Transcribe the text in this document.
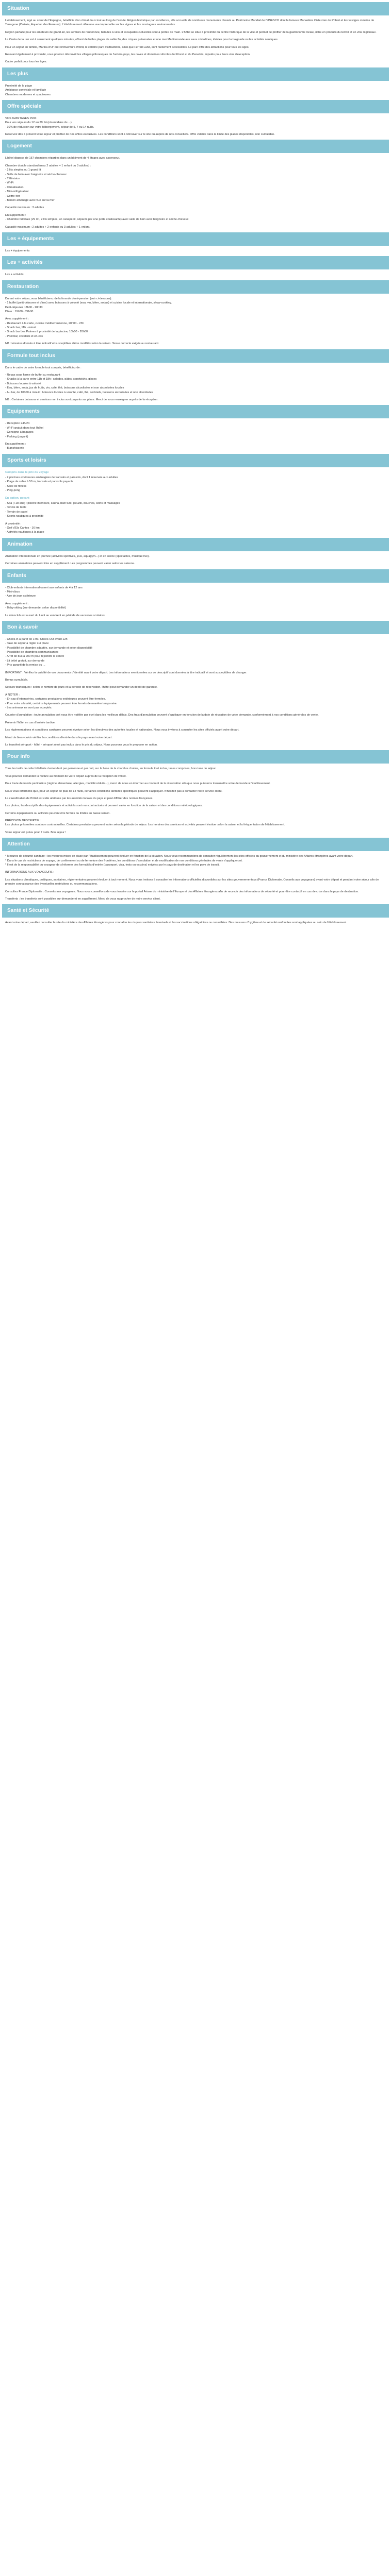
Situation
L'établissement, logé au cœur de l'Espagne, bénéficie d'un climat doux tout au long de l'année. Région historique par excellence, elle accueille de nombreux monuments classés au Patrimoine Mondial de l'UNESCO dont le fameux Monastère Cistercien de Poblet et les vestiges romains de Tarragone (Colisée, Aqueduc des Ferreres). L'établissement offre une vue imprenable sur les vignes et les montagnes environnantes.
Région parfaite pour les amateurs de grand air, les sentiers de randonnée, balades à vélo et escapades culturelles sont à portée de main. L'hôtel se situe à proximité du centre historique de la ville et permet de profiter de la gastronomie locale, riche en produits du terroir et en vins régionaux.
La Costa de la Luz est à seulement quelques minutes, offrant de belles plages de sable fin, des criques préservées et une mer Méditerranée aux eaux cristallines, idéales pour la baignade ou les activités nautiques.
Pour un séjour en famille, Marina d'Or ou PortAventura World, le célèbre parc d'attractions, ainsi que Ferrari Land, sont facilement accessibles. Le parc offre des attractions pour tous les âges.
Relevant également à proximité, vous pourrez découvrir les villages pittoresques de l'arrière-pays, les caves et domaines viticoles du Priorat et du Penedès, réputés pour leurs vins d'exception.
Cadre parfait pour tous les âges.
Les plus
Proximité de la plage
Ambiance conviviale et familiale
Chambres modernes et spacieuses
Offre spéciale
VOS AVANTAGES PRIX
Pour vos séjours du 12 au 29 14 (réservables du ...)
- 10% de réduction sur votre hébergement, séjour de 5, 7 ou 14 nuits.
Réservez dès à présent votre séjour et profitez de nos offres exclusives. Les conditions sont à retrouver sur le site ou auprès de nos conseillers. Offre valable dans la limite des places disponibles, non cumulable.
Logement
L'hôtel dispose de 157 chambres réparties dans un bâtiment de 4 étages avec ascenseur.
Chambre double standard (max 2 adultes + 1 enfant ou 3 adultes) :
- 2 lits simples ou 1 grand lit
- Salle de bain avec baignoire et sèche-cheveux
- Télévision
- Wi-Fi
- Climatisation
- Mini-réfrigérateur
- Coffre-fort
- Balcon aménagé avec vue sur la mer
Capacité maximum : 3 adultes
En supplément :
- Chambre familiale (29 m², 2 lits simples, un canapé-lit, séparés par une porte coulissante) avec salle de bain avec baignoire et sèche-cheveux
Capacité maximum : 2 adultes + 2 enfants ou 3 adultes + 1 enfant.
Les + équipements
Les + équipements
Les + activités
Les + activités
Restauration
Durant votre séjour, vous bénéficierez de la formule demi-pension (voir ci-dessous).
- 1 buffet (petit-déjeuner et dîner) avec boissons à volonté (eau, vin, bière, sodas) et cuisine locale et internationale, show-cooking.
Petit-déjeuner : 8h00 - 10h30
Dîner : 19h30 - 22h00
Avec supplément :
- Restaurant à la carte, cuisine méditerranéenne, 20h00 - 23h
- Snack bar, 11h - minuit
- Snack bar Les Palmes à proximité de la piscine, 10h00 - 20h00
- Pool bar, cocktails et en-cas
NB : Horaires donnés à titre indicatif et susceptibles d'être modifiés selon la saison. Tenue correcte exigée au restaurant.
Formule tout inclus
Dans le cadre de votre formule tout compris, bénéficiez de :
- Repas sous forme de buffet au restaurant
- Snacks à la carte entre 11h et 18h : salades, pâtes, sandwichs, glaces
- Boissons locales à volonté
- Eau, bière, soda, jus de fruits, vin, café, thé, boissons alcoolisées et non alcoolisées locales
- Au bar, de 10h00 à minuit : boissons locales à volonté, café, thé, cocktails, boissons alcoolisées et non alcoolisées
NB : Certaines boissons et services non inclus sont payants sur place. Merci de vous renseigner auprès de la réception.
Equipements
- Réception 24h/24
- Wi-Fi gratuit dans tout l'hôtel
- Consigne à bagages
- Parking (payant)
En supplément :
- Blanchisserie
Sports et loisirs
Compris dans le prix du voyage
- 2 piscines extérieures aménagées de transats et parasols, dont 1 réservée aux adultes
- Plage de sable à 50 m, transats et parasols payants
- Salle de fitness
- Ping-pong
En option, payant
- Spa (+18 ans) : piscine intérieure, sauna, bain turc, jacuzzi, douches, soins et massages
- Tennis de table
- Terrain de padel
- Sports nautiques à proximité
À proximité :
- Golf d'Els Cantos - 16 km
- Activités nautiques à la plage
Animation
Animation internationale en journée (activités sportives, jeux, aquagym...) et en soirée (spectacles, musique live).
Certaines animations peuvent être en supplément. Les programmes peuvent varier selon les saisons.
Enfants
- Club enfants international ouvert aux enfants de 4 à 12 ans
- Mini-disco
- Aire de jeux extérieure
Avec supplément :
- Baby-sitting (sur demande, selon disponibilité)
Le mini-club est ouvert du lundi au vendredi en période de vacances scolaires.
Bon à savoir
- Check-in à partir de 14h / Check-Out avant 12h
- Taxe de séjour à régler sur place
- Possibilité de chambre adaptée, sur demande et selon disponibilité
- Possibilité de chambres communicantes
- Arrêt de bus à 200 m pour rejoindre le centre
- Lit bébé gratuit, sur demande
- Prix garanti de la remise du ...
IMPORTANT : Vérifiez la validité de vos documents d'identité avant votre départ. Les informations mentionnées sur ce descriptif sont données à titre indicatif et sont susceptibles de changer.
Bonus cumulable.
Séjours touristiques : selon le nombre de jours et la période de réservation, l'hôtel peut demander un dépôt de garantie.
À NOTER :
- En cas d'intempéries, certaines prestations extérieures peuvent être fermées.
- Pour votre sécurité, certains équipements peuvent être fermés de manière temporaire.
- Les animaux ne sont pas acceptés.
Courrier d'annulation : toute annulation doit nous être notifiée par écrit dans les meilleurs délais. Des frais d'annulation peuvent s'appliquer en fonction de la date de réception de votre demande, conformément à nos conditions générales de vente.
Prévenir l'hôtel en cas d'arrivée tardive.
Les réglementations et conditions sanitaires peuvent évoluer selon les directives des autorités locales et nationales. Nous vous invitons à consulter les sites officiels avant votre départ.
Merci de bien vouloir vérifier les conditions d'entrée dans le pays avant votre départ.
Le transfert aéroport - hôtel - aéroport n'est pas inclus dans le prix du séjour. Nous pouvons vous le proposer en option.
Pour info
Tous les tarifs de cette hôtellerie s'entendent par personne et par nuit, sur la base de la chambre choisie, en formule tout inclus, taxes comprises, hors taxe de séjour.
Vous pourrez demander la facture au moment de votre départ auprès de la réception de l'hôtel.
Pour toute demande particulière (régime alimentaire, allergies, mobilité réduite...), merci de nous en informer au moment de la réservation afin que nous puissions transmettre votre demande à l'établissement.
Nous vous informons que, pour un séjour de plus de 14 nuits, certaines conditions tarifaires spécifiques peuvent s'appliquer. N'hésitez pas à contacter notre service client.
La classification de l'hôtel est celle attribuée par les autorités locales du pays et peut différer des normes françaises.
Les photos, les descriptifs des équipements et activités sont non contractuels et peuvent varier en fonction de la saison et des conditions météorologiques.
Certains équipements ou activités peuvent être fermés ou limités en basse saison.
PRÉCISION DESCRIPTIF :
Les photos présentées sont non contractuelles. Certaines prestations peuvent varier selon la période de séjour. Les horaires des services et activités peuvent évoluer selon la saison et la fréquentation de l'établissement.
Votre séjour est prévu pour 7 nuits. Bon séjour !
Attention
* Mesures de sécurité sanitaire : les mesures mises en place par l'établissement peuvent évoluer en fonction de la situation. Nous vous recommandons de consulter régulièrement les sites officiels du gouvernement et du ministère des Affaires étrangères avant votre départ.
* Dans le cas de restrictions de voyage, de confinement ou de fermeture des frontières, les conditions d'annulation et de modification de nos conditions générales de vente s'appliqueront.
* Il est de la responsabilité du voyageur de s'informer des formalités d'entrée (passeport, visa, tests ou vaccins) exigées par le pays de destination et les pays de transit.
INFORMATIONS AUX VOYAGEURS :
Les situations climatiques, politiques, sanitaires, réglementaires peuvent évoluer à tout moment. Nous vous invitons à consulter les informations officielles disponibles sur les sites gouvernementaux (France Diplomatie, Conseils aux voyageurs) avant votre départ et pendant votre séjour afin de prendre connaissance des éventuelles restrictions ou recommandations.
Consultez France Diplomatie : Conseils aux voyageurs. Nous vous conseillons de vous inscrire sur le portail Ariane du ministère de l'Europe et des Affaires étrangères afin de recevoir des informations de sécurité et pour être contacté en cas de crise dans le pays de destination.
Transferts : les transferts sont possibles sur demande et en supplément. Merci de vous rapprocher de notre service client.
Santé et Sécurité
Avant votre départ, veuillez consulter le site du ministère des Affaires étrangères pour connaître les risques sanitaires éventuels et les vaccinations obligatoires ou conseillées. Des mesures d'hygiène et de sécurité renforcées sont appliquées au sein de l'établissement.
